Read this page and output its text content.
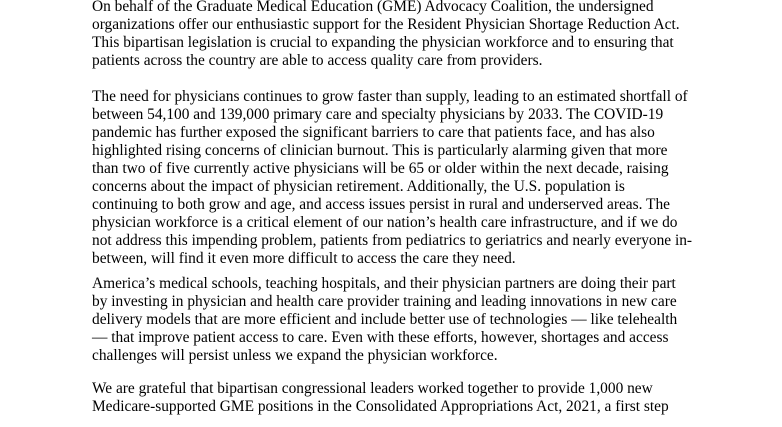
On behalf of the Graduate Medical Education (GME) Advocacy Coalition, the undersigned
organizations offer our enthusiastic support for the Resident Physician Shortage Reduction Act.
This bipartisan legislation is crucial to expanding the physician workforce and to ensuring that
patients across the country are able to access quality care from providers.

The need for physicians continues to grow faster than supply, leading to an estimated shortfall of
between 54,100 and 139,000 primary care and specialty physicians by 2033. The COVID-19
pandemic has further exposed the significant barriers to care that patients face, and has also
highlighted rising concerns of clinician burnout. This is particularly alarming given that more
than two of five currently active physicians will be 65 or older within the next decade, raising
concerns about the impact of physician retirement. Additionally, the U.S. population is
continuing to both grow and age, and access issues persist in rural and underserved areas. The
physician workforce is a critical element of our nation’s health care infrastructure, and if we do
not address this impending problem, patients from pediatrics to geriatrics and nearly everyone in-
between, will find it even more difficult to access the care they need.

America’s medical schools, teaching hospitals, and their physician partners are doing their part
by investing in physician and health care provider training and leading innovations in new care
delivery models that are more efficient and include better use of technologies — like telehealth
— that improve patient access to care. Even with these efforts, however, shortages and access
challenges will persist unless we expand the physician workforce.

We are grateful that bipartisan congressional leaders worked together to provide 1,000 new
Medicare-supported GME positions in the Consolidated Appropriations Act, 2021, a first step
